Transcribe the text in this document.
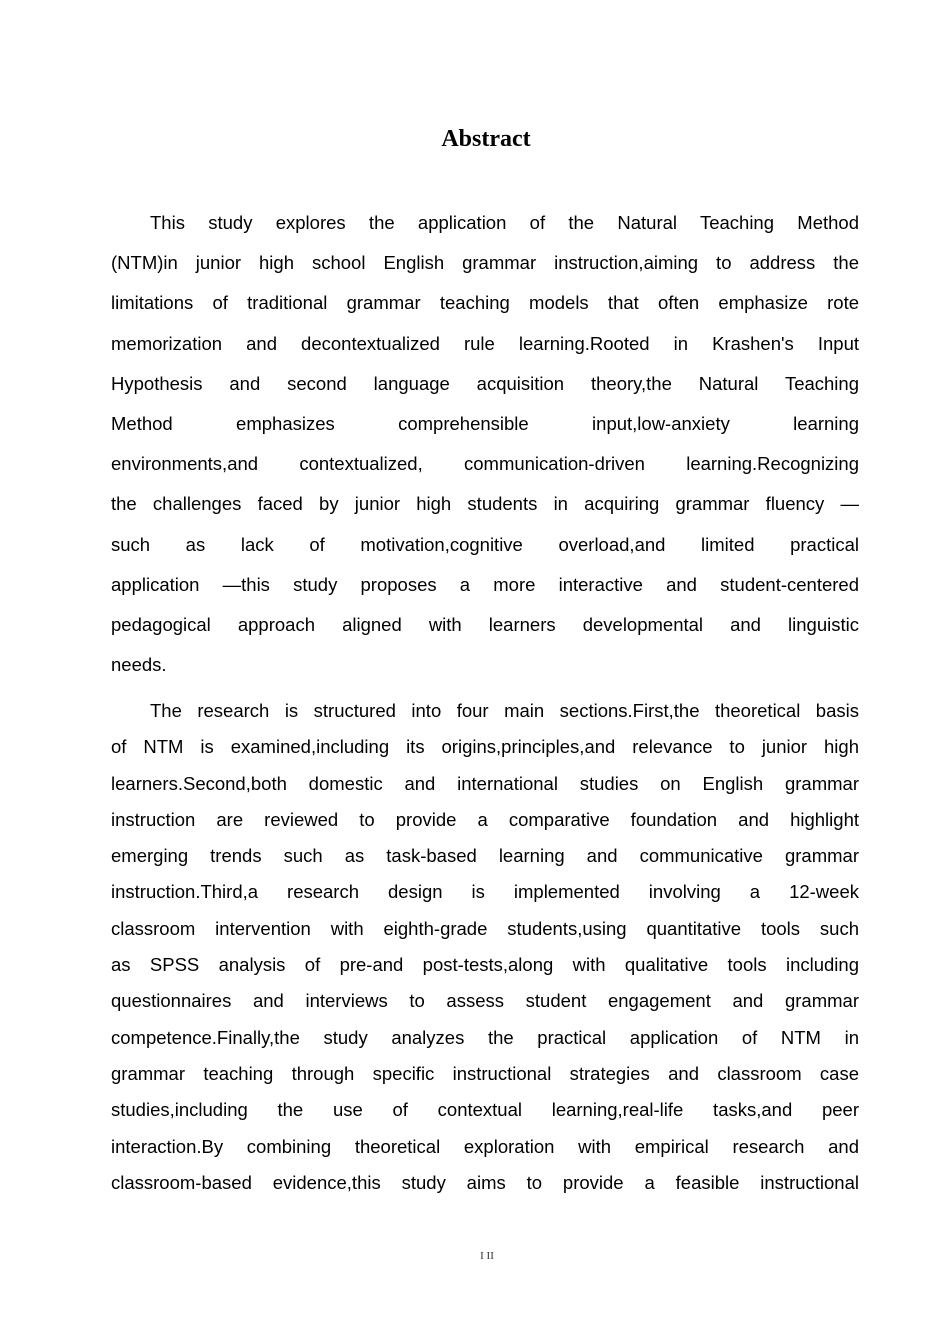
Abstract
This study explores the application of the Natural Teaching Method
(NTM)in junior high school English grammar instruction,aiming to address the
limitations of traditional grammar teaching models that often emphasize rote
memorization and decontextualized rule learning.Rooted in Krashen's Input
Hypothesis and second language acquisition theory,the Natural Teaching
Method emphasizes comprehensible input,low-anxiety learning
environments,and contextualized, communication-driven learning.Recognizing
the challenges faced by junior high students in acquiring grammar fluency —
such as lack of motivation,cognitive overload,and limited practical
application —this study proposes a more interactive and student-centered
pedagogical approach aligned with learners developmental and linguistic
needs.
The research is structured into four main sections.First,the theoretical basis
of NTM is examined,including its origins,principles,and relevance to junior high
learners.Second,both domestic and international studies on English grammar
instruction are reviewed to provide a comparative foundation and highlight
emerging trends such as task-based learning and communicative grammar
instruction.Third,a research design is implemented involving a 12-week
classroom intervention with eighth-grade students,using quantitative tools such
as SPSS analysis of pre-and post-tests,along with qualitative tools including
questionnaires and interviews to assess student engagement and grammar
competence.Finally,the study analyzes the practical application of NTM in
grammar teaching through specific instructional strategies and classroom case
studies,including the use of contextual learning,real-life tasks,and peer
interaction.By combining theoretical exploration with empirical research and
classroom-based evidence,this study aims to provide a feasible instructional
I II
